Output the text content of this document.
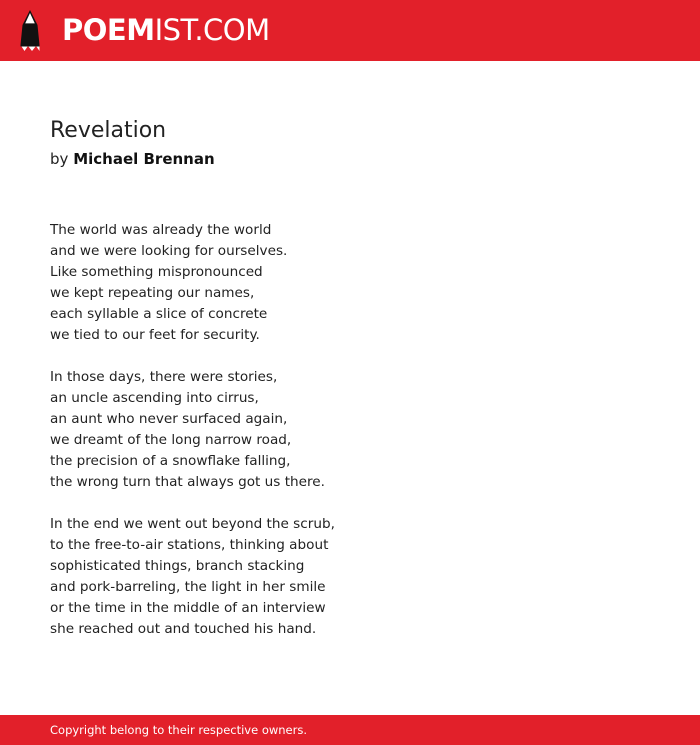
POEMIST.COM
Revelation

by Michael Brennan

The world was already the world
and we were looking for ourselves.
Like something mispronounced
we kept repeating our names,
each syllable a slice of concrete
we tied to our feet for security.

In those days, there were stories,
an uncle ascending into cirrus,
an aunt who never surfaced again,
we dreamt of the long narrow road,
the precision of a snowflake falling,
the wrong turn that always got us there.

In the end we went out beyond the scrub,
to the free-to-air stations, thinking about
sophisticated things, branch stacking
and pork-barreling, the light in her smile
or the time in the middle of an interview
she reached out and touched his hand.

Copyright belong to their respective owners.
